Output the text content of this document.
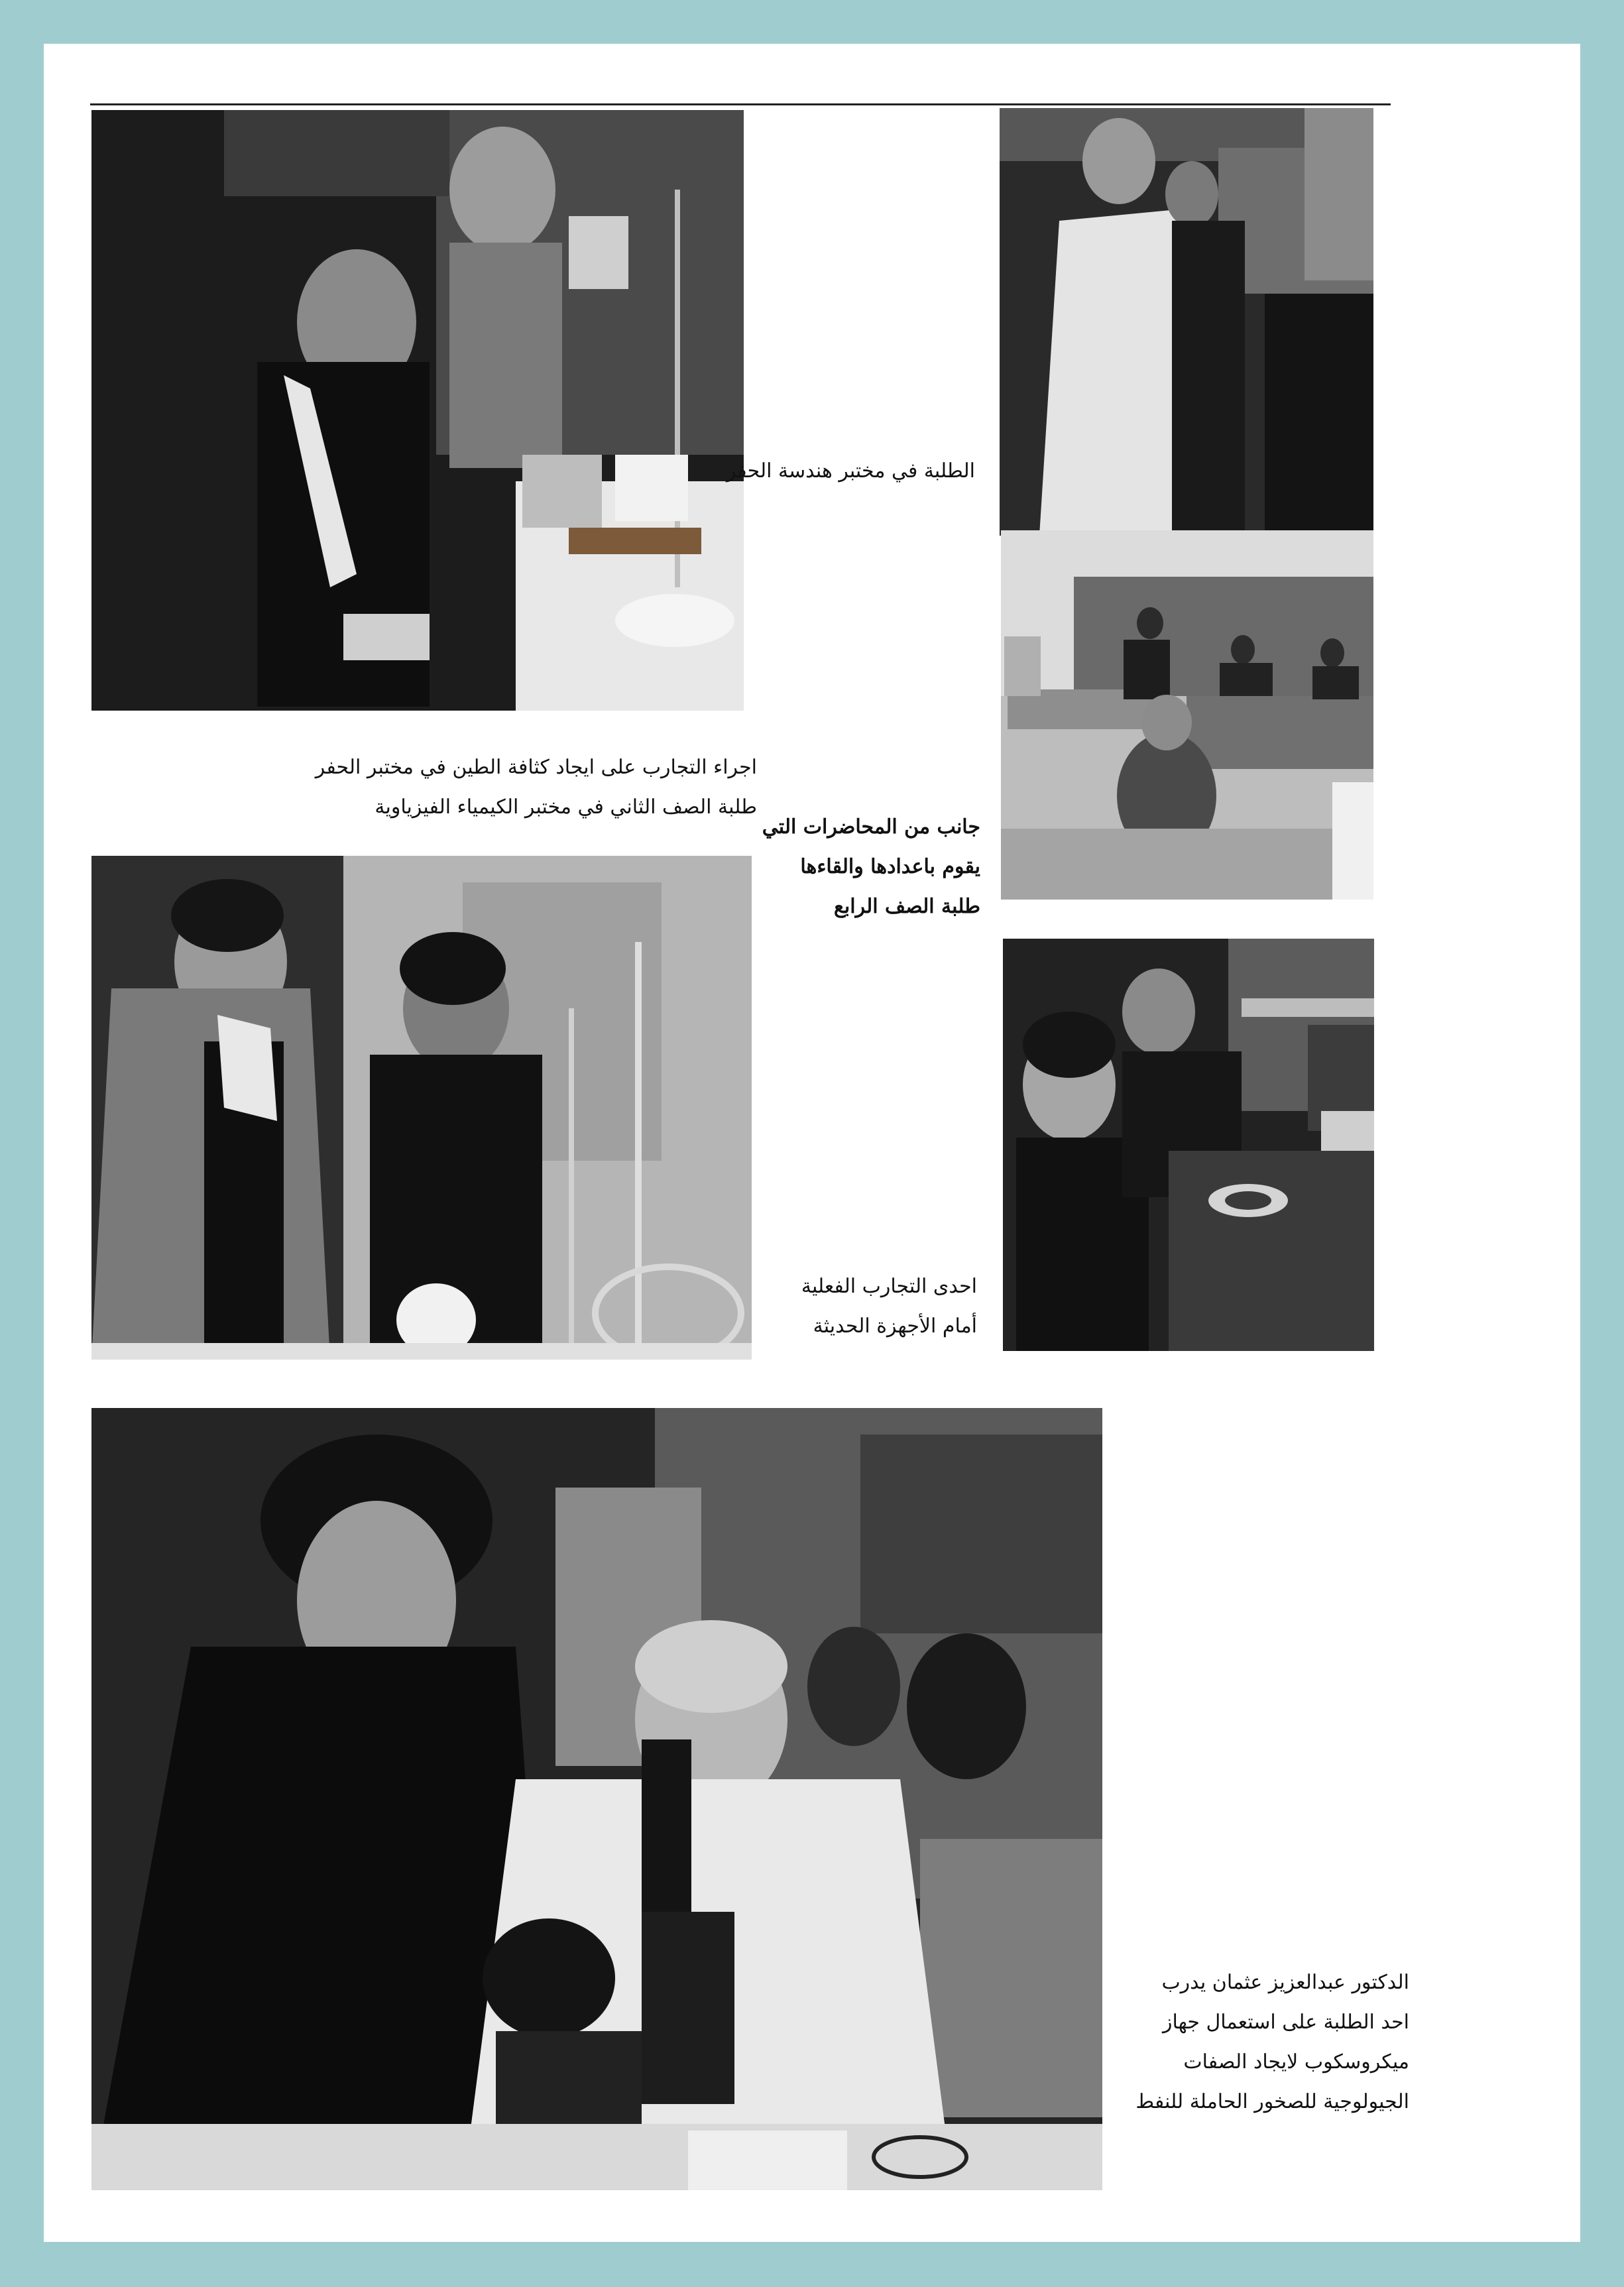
الطلبة في مختبر هندسة الحفر
اجراء التجارب على ايجاد كثافة الطين في مختبر الحفر
طلبة الصف الثاني في مختبر الكيمياء الفيزياوية
جانب من المحاضرات التي
يقوم باعدادها والقاءها
طلبة الصف الرابع
احدى التجارب الفعلية
أمام الأجهزة الحديثة
الدكتور عبدالعزيز عثمان يدرب
احد الطلبة على استعمال جهاز
ميكروسكوب لايجاد الصفات
الجيولوجية للصخور الحاملة للنفط
